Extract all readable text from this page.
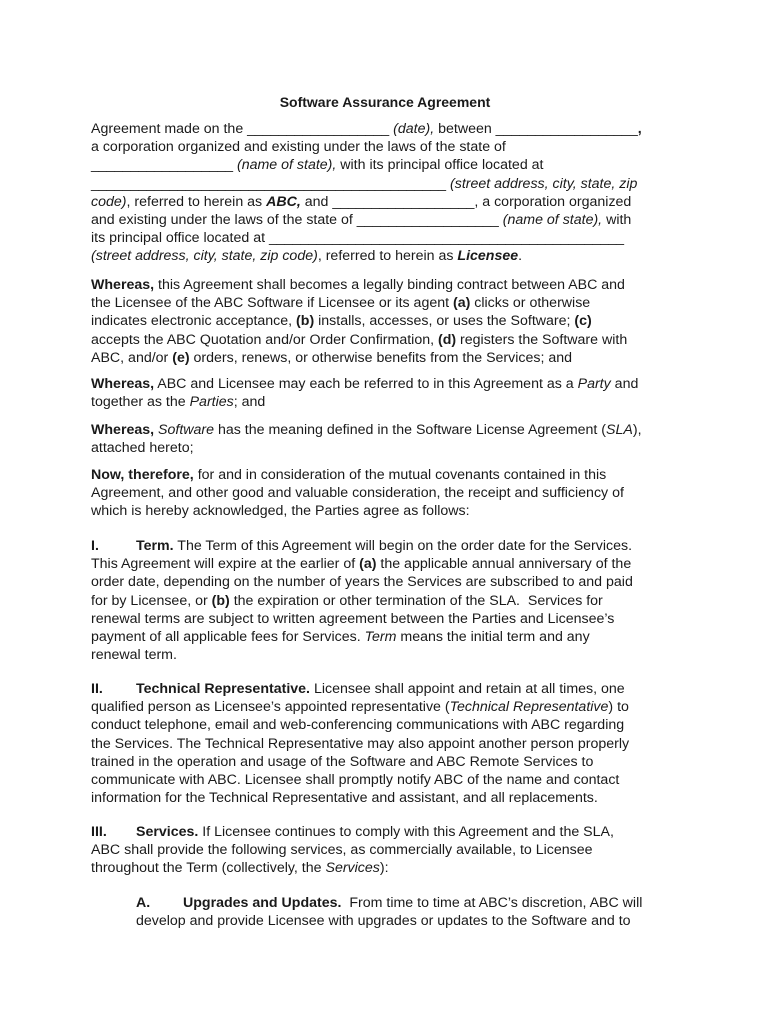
Software Assurance Agreement
Agreement made on the __________________ (date), between __________________,
a corporation organized and existing under the laws of the state of
__________________ (name of state), with its principal office located at
_____________________________________________ (street address, city, state, zip
code), referred to herein as ABC, and __________________, a corporation organized
and existing under the laws of the state of __________________ (name of state), with
its principal office located at _____________________________________________
(street address, city, state, zip code), referred to herein as Licensee.
Whereas, this Agreement shall becomes a legally binding contract between ABC and
the Licensee of the ABC Software if Licensee or its agent (a) clicks or otherwise
indicates electronic acceptance, (b) installs, accesses, or uses the Software; (c)
accepts the ABC Quotation and/or Order Confirmation, (d) registers the Software with
ABC, and/or (e) orders, renews, or otherwise benefits from the Services; and
Whereas, ABC and Licensee may each be referred to in this Agreement as a Party and
together as the Parties; and
Whereas, Software has the meaning defined in the Software License Agreement (SLA),
attached hereto;
Now, therefore, for and in consideration of the mutual covenants contained in this
Agreement, and other good and valuable consideration, the receipt and sufficiency of
which is hereby acknowledged, the Parties agree as follows:
I.	Term. The Term of this Agreement will begin on the order date for the Services.
This Agreement will expire at the earlier of (a) the applicable annual anniversary of the
order date, depending on the number of years the Services are subscribed to and paid
for by Licensee, or (b) the expiration or other termination of the SLA.  Services for
renewal terms are subject to written agreement between the Parties and Licensee’s
payment of all applicable fees for Services. Term means the initial term and any
renewal term.
II. Technical Representative. Licensee shall appoint and retain at all times, one
qualified person as Licensee’s appointed representative (Technical Representative) to
conduct telephone, email and web-conferencing communications with ABC regarding
the Services. The Technical Representative may also appoint another person properly
trained in the operation and usage of the Software and ABC Remote Services to
communicate with ABC. Licensee shall promptly notify ABC of the name and contact
information for the Technical Representative and assistant, and all replacements.
III. Services. If Licensee continues to comply with this Agreement and the SLA,
ABC shall provide the following services, as commercially available, to Licensee
throughout the Term (collectively, the Services):
A. Upgrades and Updates.  From time to time at ABC’s discretion, ABC will
develop and provide Licensee with upgrades or updates to the Software and to
